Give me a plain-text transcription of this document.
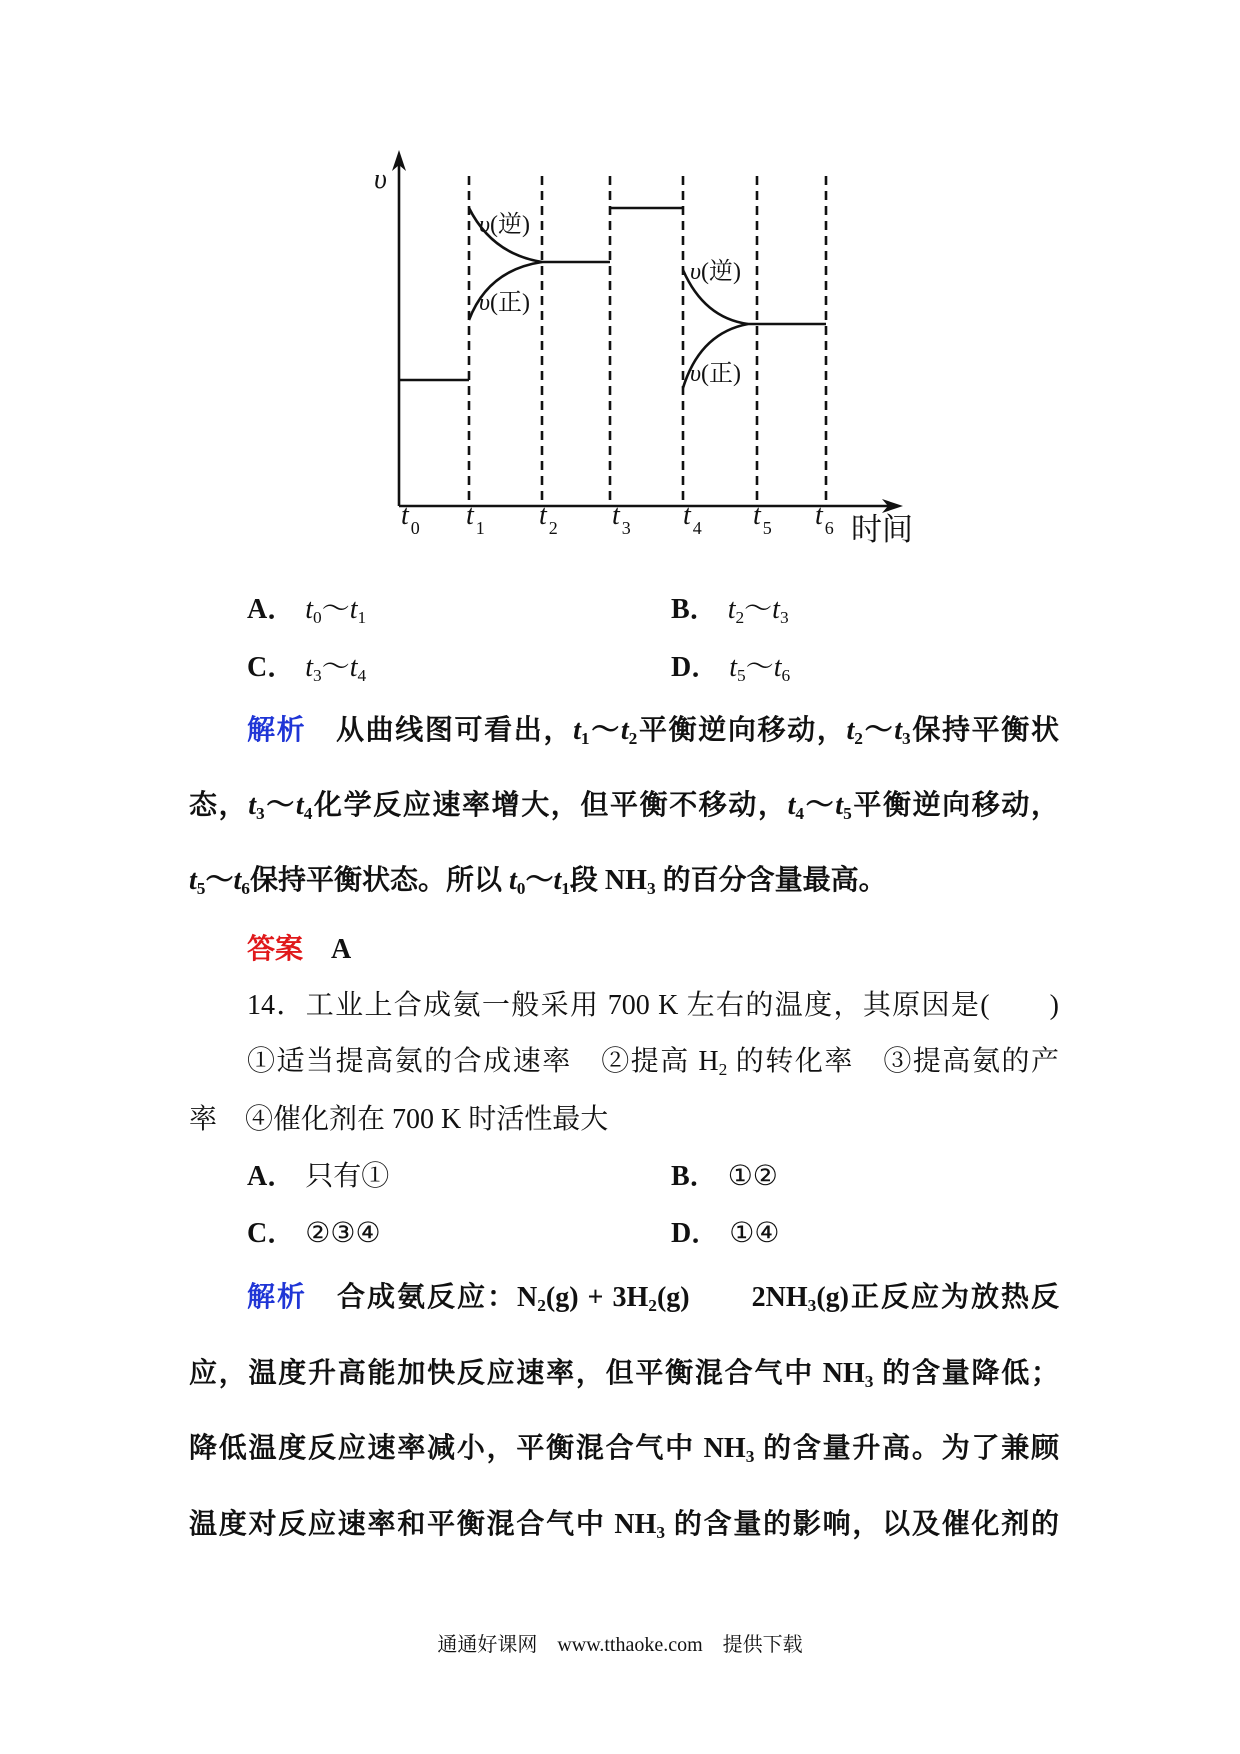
υ
时间
t $_0$ t $_1$ t $_2$ t $_3$ t $_4$ t $_5$ t $_6$
υ(逆)
υ(正)
υ(逆)
υ(正)
A． $t_0\sim t_1$	B． $t_2\sim t_3$
C． $t_3\sim t_4$	D． $t_5\sim t_6$
解析　从曲线图可看出，$t_1\sim t_2$平衡逆向移动，$t_2\sim t_3$保持平衡状
态，$t_3\sim t_4$化学反应速率增大，但平衡不移动，$t_4\sim t_5$平衡逆向移动，
$t_5\sim t_6$保持平衡状态。所以 $t_0\sim t_1$段 $NH_3$ 的百分含量最高。
答案　 A
14．工业上合成氨一般采用 700 K 左右的温度，其原因是(　　)
①适当提高氨的合成速率　②提高 $H_2$ 的转化率　③提高氨的产
率　④催化剂在 700 K 时活性最大
A． 只有①	B． ①②
C． ②③④	D． ①④
解析　合成氨反应：$N_2(g) + 3H_2(g)$　　$2NH_3(g)$正反应为放热反
应，温度升高能加快反应速率，但平衡混合气中 $NH_3$ 的含量降低；
降低温度反应速率减小，平衡混合气中 $NH_3$ 的含量升高。为了兼顾
温度对反应速率和平衡混合气中 $NH_3$ 的含量的影响，以及催化剂的
通通好课网　www.tthaoke.com　提供下载
